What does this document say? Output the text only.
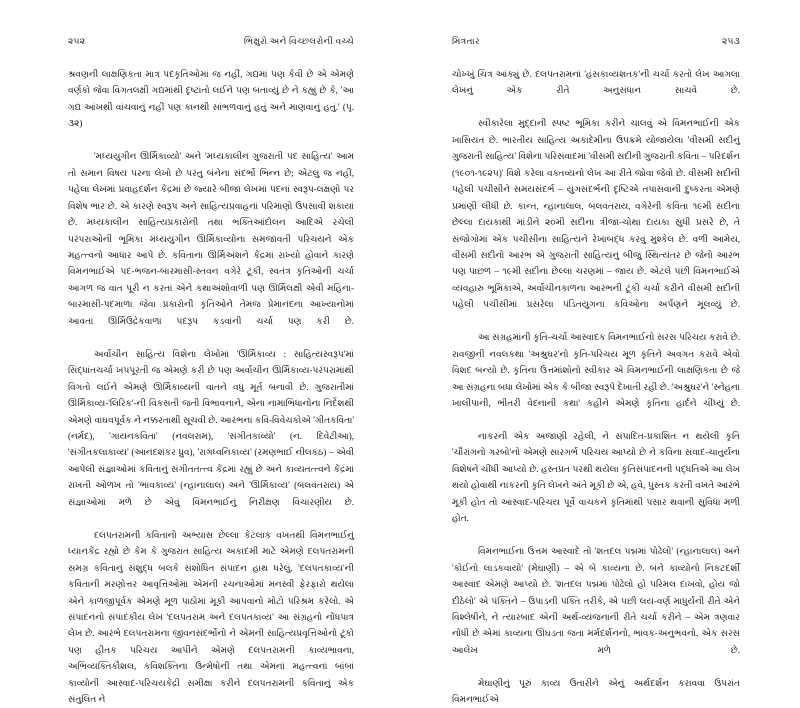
૨૫૨	ભિક્ષુરો અને વિચ્છલરોની વચ્ચે

શ્રવણની લાક્ષણિકતા માત્ર પદકૃતિઓમાં જ નહીં, ગદ્યમાં પણ કેવી છે એ એમણે વર્ણકો જેવા વિગતલક્ષી ગદ્યમાંથી દૃષ્ટાંતો લઈને પણ બતાવ્યું છે ને કહ્યું છે કે, 'આ ગદ્ય આંખથી વાંચવાનું નહીં પણ કાનથી સાંભળવાનું હતું અને માણવાનું હતું.' (પૃ. ૩૨)

'મધ્યયુગીન ઊર્મિકાવ્યો' અને 'મધ્યકાલીન ગુજરાતી પદ સાહિત્ય' આમ તો સમાન વિષય પરના લેખો છે પરંતુ બંનેના સંદર્ભો ભિન્ન છે; એટલું જ નહીં, પહેલા લેખમાં પ્રવાહદર્શન કેંદ્રમાં છે જ્યારે બીજા લેખમાં પદનાં સ્વરૂપ-લક્ષણો પર વિશેષ ભાર છે. એ કારણે સ્વરૂપ અને સાહિત્યપ્રવાહનાં પરિમાણો ઉપસાવી શકાયાં છે. મધ્યકાલીન સાહિત્યપ્રકારોની તથા ભક્તિઆંદોલન આદિએ રચેલી પરંપરાઓની ભૂમિકા મધ્યયુગીન ઊર્મિકાવ્યોના સમજાવતી પરિચયને એક મહત્ત્વનો આધાર આપે છે. કવિતાના ઊર્મિઅંશને કેંદ્રમાં રાખ્યો હોવાને કારણે વિમનભાઈએ પદ-ભજન-બારમાસી-સ્તવન વગેરે ટૂંકી, સ્વતંત્ર કૃતિઓની ચર્ચા આગળ જ વાત પૂરી ન કરતાં એને કથાઅંશોવાળી પણ ઊર્મિલક્ષી એવી મહિના-બારમાસી-પદમાળા જેવા પ્રકારોની કૃતિઓને તેમજ પ્રેમાનંદના આખ્યાનોમાં આવતાં ઊર્મિઉદ્રેકવાળાં પદરૂપ કડવાંની ચર્ચા પણ કરી છે.

અર્વાચીન સાહિત્ય વિશેના લેખોમાં 'ઊર્મિકાવ્ય : સાહિત્યસ્વરૂપ'માં સિદ્ધાંતચર્ચા ખપપૂરતી જ એમણે કરી છે પણ અર્વાચીન ઊર્મિકાવ્ય-પરંપરામાંથી વિગતો લઈને એમણે ઊર્મિકાવ્યની વાતને વધુ મૂર્ત બનાવી છે. ગુજરાતીમાં ઊર્મિકાવ્ય-'લિરિક'-ની વિકસતી જતી વિભાવનાને, એના નામાભિધાનોના નિર્દેશથી એમણે વાઘવપૂર્વક ને નક્કરતાથી સૂચવી છે. આરંભના કવિ-વિવેચકોએ 'ગીતકવિતા' (નર્મદ), 'ગાયનકવિતા' (નવલરામ), 'સંગીતકાવ્યો' (ન. દિવેટીઆ), 'સંગીતકલાકાવ્ય' (આનંદશંકર ધ્રુવ), 'રાગધ્વનિકાવ્ય' (રમણભાઈ નીલકંઠ) – એવી આપેલી સંજ્ઞાઓમાં કવિતાનું સંગીતતત્ત્વ કેંદ્રમાં રહ્યું છે અને કાવ્યતત્ત્વને કેંદ્રમાં રાખતી ઓળખ તો 'ભાવકાવ્ય' (ન્હાનાલાલ) અને 'ઊર્મિકાવ્ય' (બલવંતરાય) એ સંજ્ઞાઓમાં મળે છે એવું વિમનભાઈનું નિરીક્ષણ વિચારણીય છે.

દલપતરામની કવિતાનો અભ્યાસ છેલ્લા કેટલાક વખતથી વિમનભાઈનું ધ્યાનકેંદ્ર રહ્યો છે કેમ કે ગુજરાત સાહિત્ય અકાદમી માટે એમણે દલપતરામની સમગ્ર કવિતાનું સંશુદ્ધ બલકે સંશોધિત સંપાદન હાથ ધરેલું. 'દલપતકાવ્ય'ની કવિતાની મરણોત્તર આવૃત્તિઓમાં એમની રચનાઓમાં મનસ્વી ફેરફારો થયેલા એને કાળજીપૂર્વક એમણે મૂળ પાઠોમાં મૂકી આપવાનો મોટો પરિશ્રમ કરેલો. એ સંપાદનનો સંપાદકીય લેખ 'દલપતરામ અને દલપતકાવ્ય' આ સંગ્રહનો નોંધપાત્ર લેખ છે. આરંભે દલપતરામના જીવનસંદર્ભોનો ને એમની સાહિત્યપ્રવૃત્તિઓનો ટૂંકો પણ હીતક પરિચય આપીને એમણે દલપતરામની કાવ્યભાવના, અભિવ્યક્તિકૌશલ, કવિશક્તિના ઉન્મેષોની તથા એમનાં મહત્ત્વનાં બાંબાં કાવ્યોની આસ્વાદ-પરિચયકેંદ્રી સમીક્ષા કરીને દલપતરામની કવિતાનું એક સંતુલિત ને

મિત્રતાર	૨૫૩

ચોખ્ખું ચિત્ર આંક્યું છે. દલપતરામનાં 'હંસકાવ્યશતક'ની ચર્ચા કરતો લેખ આગલા લેખનું એક રીતે અનુસંધાન સાચવે છે.

સ્વીકારેલા મુદ્દાની સ્પષ્ટ ભૂમિકા કરીને ચાલવું એ વિમનભાઈની એક ખાસિયત છે. ભારતીય સાહિત્ય અકાદેમીના ઉપક્રમે યોજાયેલા 'વીસમી સદીનું ગુજરાતી સાહિત્ય' વિશેના પરિસંવાદમાં 'વીસમી સદીની ગુજરાતી કવિતા – પરિદર્શન (૧૯૦૧-૧૯૨૫)' વિશે કરેલા વક્તવ્યનો લેખ આ રીતે જોવા જેવો છે. વીસમી સદીની પહેલી પચીસીને સમયસંદર્ભ – યુગસંદર્ભની દૃષ્ટિએ તપાસવાની દુષ્કરતા એમણે પ્રમાણી લીધી છે. કાન્ત, ન્હાનાલાલ, બલવંતરાય, વગેરેની કવિતા ૧૯મી સદીના છેલ્લા દાયકાથી માંડીને ૨૦મી સદીના ત્રીજા-ચોથા દાયકા સુધી પ્રસરે છે, તે સંજોગોમાં એક પચીસીના સાહિત્યને રેખાબદ્ધ કરવું મુશ્કેલ છે. વળી આમેય, વીસમી સદીનો આરંભ એ ગુજરાતી સાહિત્યનું બીજું સ્થિત્યંતર છે જેનો આરંભ પણ પાછળ – ૧૯મી સદીના છેલ્લા ચરણમાં – જાય છે. એટલે પછી વિમનભાઈએ વ્યવહારુ ભૂમિકાએ, અર્વાચીનકાળના આરંભની ટૂંકી ચર્ચા કરીને વીસમી સદીની પહેલી પચીસીમાં પ્રસરેલા પંડિતયુગના કવિઓના અર્પણને મૂલવ્યું છે.

આ સંગ્રહમાંની કૃતિ-ચર્ચા આસ્વાદક વિમનભાઈનો સરસ પરિચય કરાવે છે. રાવજીની નવલકથા 'અશ્રુઘર'નો કૃતિ-પરિચય મૂળ કૃતિને અવગત કરાવે એવો વિશદ બન્યો છે. કૃતિના ઉત્તમાંશોનો સ્વીકાર એ વિમનભાઈની લાક્ષણિકતા છે જે આ સંગ્રહના બધા લેખોમાં એક કે બીજા સ્વરૂપે દેખાતી રહી છે. 'અશ્રુઘર'ને 'સ્નેહના ખાલીપાની, ભીતરી વેદનાની કથા' કહીને એમણે કૃતિના હાર્દને ચીંધ્યું છે.

નાકરની એક અજાણી રહેલી, ને સંપાદિત-પ્રકાશિત ન થયેલી કૃતિ 'ચૌરાંગનો ગરબો'નો એમણે સારગર્ભ પરિચય આપ્યો છે ને કવિના સંવાદ-ચાતુર્યના વિશેષને ચીંધી આપ્યો છે. હસ્તપ્રત પરથી થયેલા કૃતિસંપાદનની પદ્ધતિએ આ લેખ થયો હોવાથી નાકરની કૃતિ લેખને અંતે મૂકી છે એ, હવે, પુસ્તક કરતી વખતે આરંભે મૂકી હોત તો આસ્વાદ-પરિચય પૂર્વે વાચકને કૃતિમાંથી પસાર થવાની સુવિધા મળી હોત.

વિમનભાઈના ઉત્તમ આસ્વાદે તો 'શતદલ પદ્મમાં પોઢેલો' (ન્હાનાલાલ) અને 'કોઈનો લાડકવાયો' (મેઘાણી) – એ બે કાવ્યના છે. બંને કાવ્યોનો નિકટદર્શી આસ્વાદ એમણે આપ્યો છે. 'શતદલ પદ્મમાં પોઢેલો હો પરિમલ દાખવો, હોય જો દીઠેલો' એ પંક્તિને – ઉપાડની પંક્તિ તરીકે, એ પછી લય-વર્ણ માધુર્યની રીતે એને વિશ્લેષીને, ને ત્યારબાદ એની અર્થ-વ્યંજનાની રીતે ચર્ચા કરીને – એમ ત્રણવાર નોંધી છે એમાં કાવ્યના ઊઘડતા જતા મર્મદર્શનનો, ભાવક-અનુભવનો, એક સરસ આલેખ મળે છે.

મેઘાણીનું પૂરું કાવ્ય ઉતારીને એનું અર્થદર્શન કરાવવા ઉપરાંત વિમનભાઈએ
